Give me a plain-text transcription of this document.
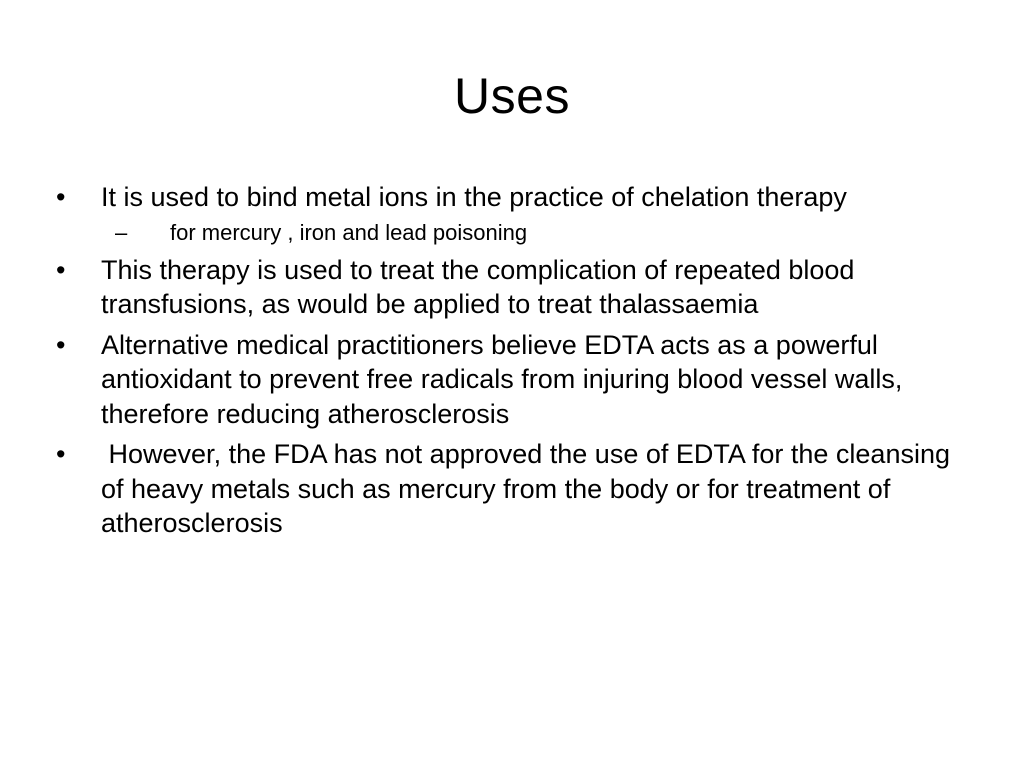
Uses
•	It is used to bind metal ions in the practice of chelation therapy
– for mercury , iron and lead poisoning
•	This therapy is used to treat the complication of repeated blood transfusions, as would be applied to treat thalassaemia
•	Alternative medical practitioners believe EDTA acts as a powerful antioxidant to prevent free radicals from injuring blood vessel walls, therefore reducing atherosclerosis
•	However, the FDA has not approved the use of EDTA for the cleansing of heavy metals such as mercury from the body or for treatment of atherosclerosis
